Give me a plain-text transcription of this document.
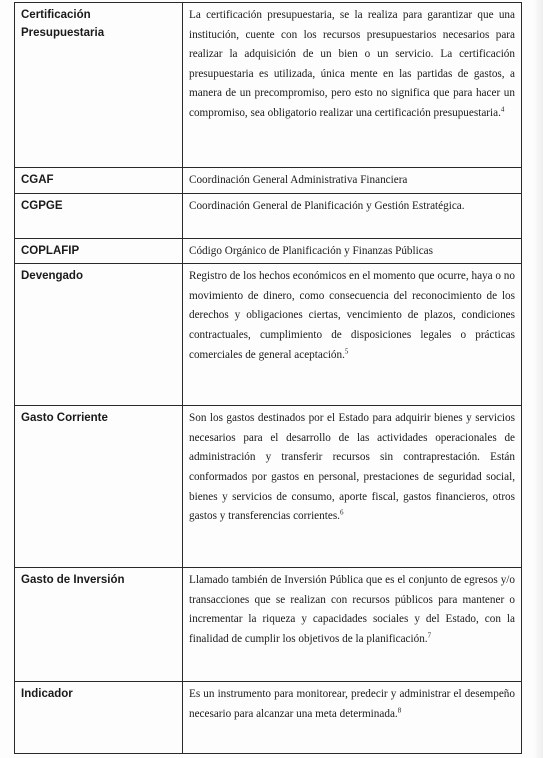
Certificación Presupuestaria	La certificación presupuestaria, se la realiza para garantizar que una institución, cuente con los recursos presupuestarios necesarios para realizar la adquisición de un bien o un servicio. La certificación presupuestaria es utilizada, única mente en las partidas de gastos, a manera de un precompromiso, pero esto no significa que para hacer un compromiso, sea obligatorio realizar una certificación presupuestaria.$^4$
CGAF	Coordinación General Administrativa Financiera
CGPGE	Coordinación General de Planificación y Gestión Estratégica.
COPLAFIP	Código Orgánico de Planificación y Finanzas Públicas
Devengado	Registro de los hechos económicos en el momento que ocurre, haya o no movimiento de dinero, como consecuencia del reconocimiento de los derechos y obligaciones ciertas, vencimiento de plazos, condiciones contractuales, cumplimiento de disposiciones legales o prácticas comerciales de general aceptación.$^5$
Gasto Corriente	Son los gastos destinados por el Estado para adquirir bienes y servicios necesarios para el desarrollo de las actividades operacionales de administración y transferir recursos sin contraprestación. Están conformados por gastos en personal, prestaciones de seguridad social, bienes y servicios de consumo, aporte fiscal, gastos financieros, otros gastos y transferencias corrientes.$^6$
Gasto de Inversión	Llamado también de Inversión Pública que es el conjunto de egresos y/o transacciones que se realizan con recursos públicos para mantener o incrementar la riqueza y capacidades sociales y del Estado, con la finalidad de cumplir los objetivos de la planificación.$^7$
Indicador	Es un instrumento para monitorear, predecir y administrar el desempeño necesario para alcanzar una meta determinada.$^8$
